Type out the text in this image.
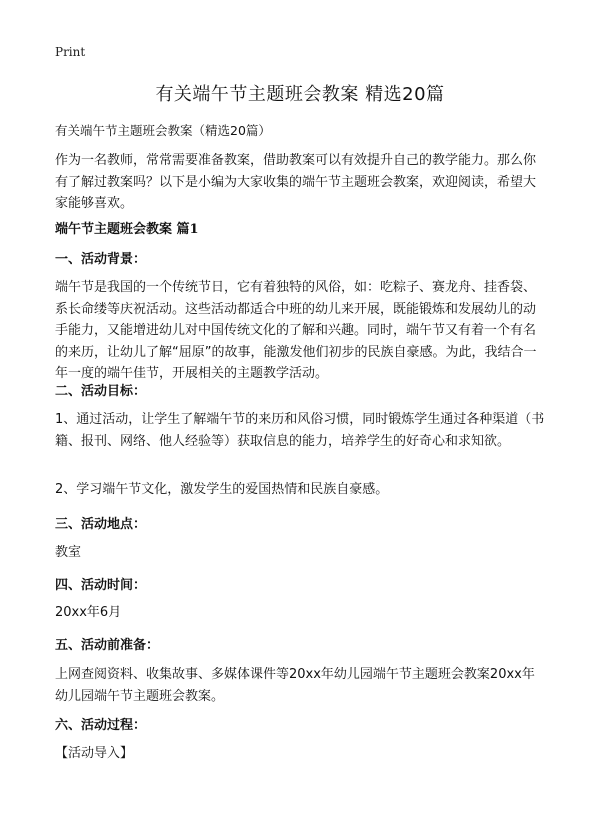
Print
有关端午节主题班会教案 精选20篇
有关端午节主题班会教案（精选20篇）
作为一名教师，常常需要准备教案，借助教案可以有效提升自己的教学能力。那么你有了解过教案吗？以下是小编为大家收集的端午节主题班会教案，欢迎阅读，希望大家能够喜欢。
端午节主题班会教案 篇1
一、活动背景：
端午节是我国的一个传统节日，它有着独特的风俗，如：吃粽子、赛龙舟、挂香袋、系长命缕等庆祝活动。这些活动都适合中班的幼儿来开展，既能锻炼和发展幼儿的动手能力，又能增进幼儿对中国传统文化的了解和兴趣。同时，端午节又有着一个有名的来历，让幼儿了解“屈原”的故事，能激发他们初步的民族自豪感。为此，我结合一年一度的端午佳节，开展相关的主题教学活动。
二、活动目标：
1、通过活动，让学生了解端午节的来历和风俗习惯，同时锻炼学生通过各种渠道（书籍、报刊、网络、他人经验等）获取信息的能力，培养学生的好奇心和求知欲。
2、学习端午节文化，激发学生的爱国热情和民族自豪感。
三、活动地点：
教室
四、活动时间：
20xx年6月
五、活动前准备：
上网查阅资料、收集故事、多媒体课件等20xx年幼儿园端午节主题班会教案20xx年幼儿园端午节主题班会教案。
六、活动过程：
【活动导入】
